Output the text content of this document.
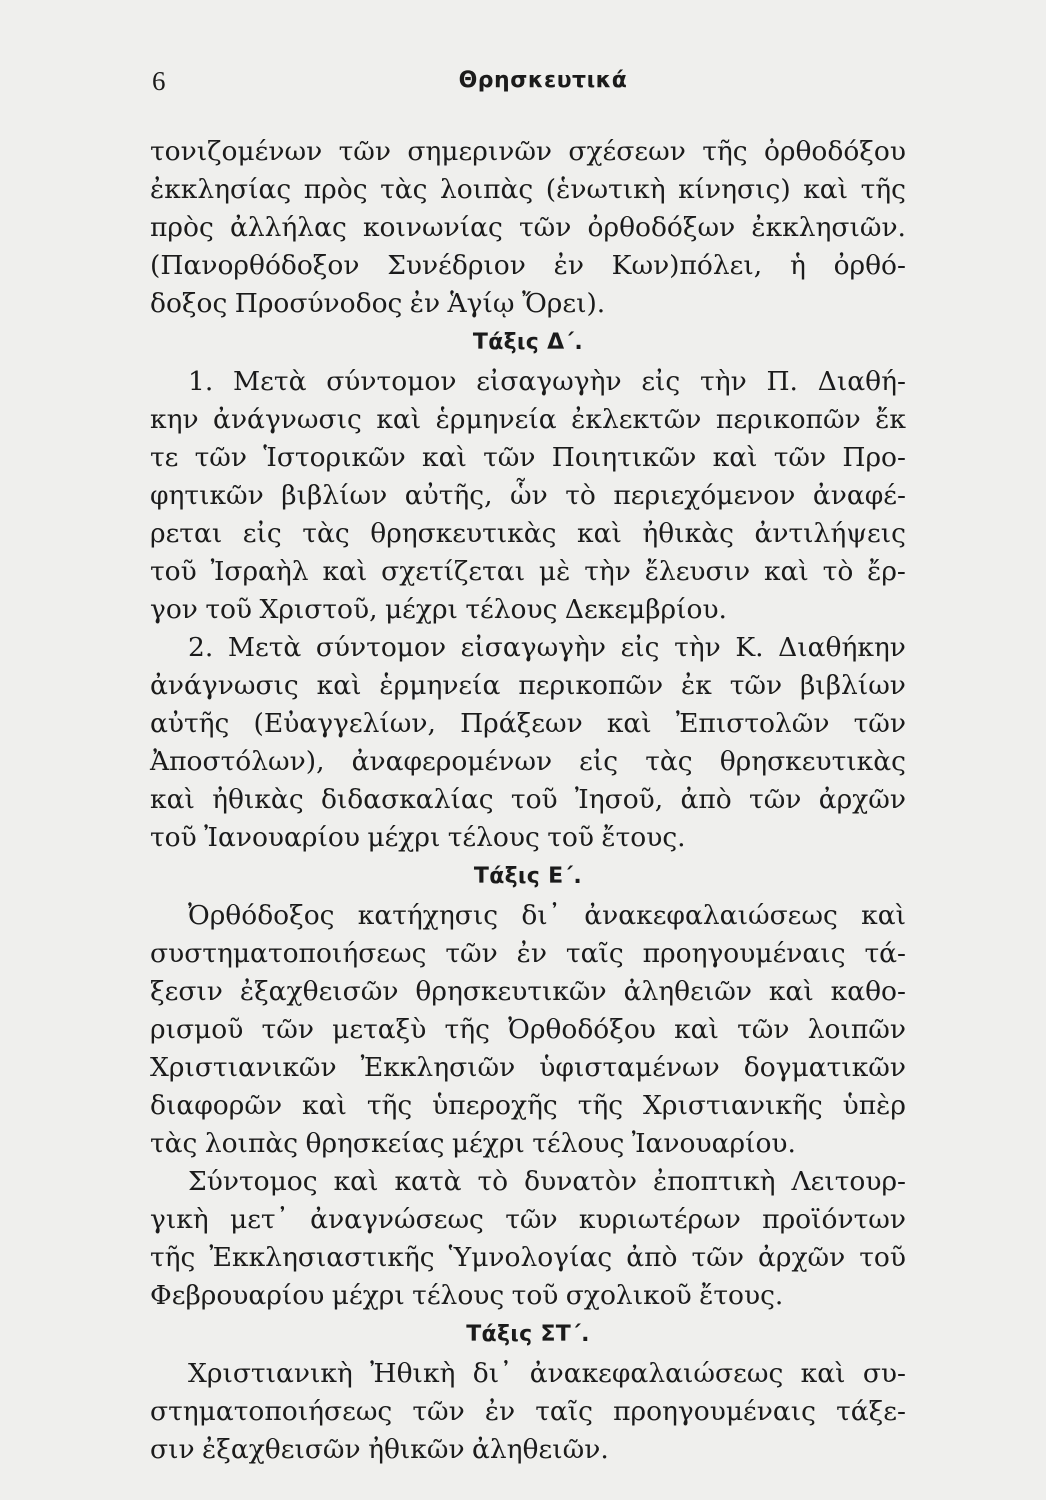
6	Θρησκευτικά
τονιζομένων τῶν σημερινῶν σχέσεων τῆς ὀρθοδόξου
ἐκκλησίας πρὸς τὰς λοιπὰς (ἑνωτικὴ κίνησις) καὶ τῆς
πρὸς ἀλλήλας κοινωνίας τῶν ὀρθοδόξων ἐκκλησιῶν.
(Πανορθόδοξον Συνέδριον ἐν Κων)πόλει, ἡ ὀρθό-
δοξος Προσύνοδος ἐν Ἁγίῳ Ὄρει).
Τάξις Δ΄.
1. Μετὰ σύντομον εἰσαγωγὴν εἰς τὴν Π. Διαθή-
κην ἀνάγνωσις καὶ ἑρμηνεία ἐκλεκτῶν περικοπῶν ἔκ
τε τῶν Ἱστορικῶν καὶ τῶν Ποιητικῶν καὶ τῶν Προ-
φητικῶν βιβλίων αὐτῆς, ὧν τὸ περιεχόμενον ἀναφέ-
ρεται εἰς τὰς θρησκευτικὰς καὶ ἠθικὰς ἀντιλήψεις
τοῦ Ἰσραὴλ καὶ σχετίζεται μὲ τὴν ἔλευσιν καὶ τὸ ἔρ-
γον τοῦ Χριστοῦ, μέχρι τέλους Δεκεμβρίου.
2. Μετὰ σύντομον εἰσαγωγὴν εἰς τὴν Κ. Διαθήκην
ἀνάγνωσις καὶ ἑρμηνεία περικοπῶν ἐκ τῶν βιβλίων
αὐτῆς (Εὐαγγελίων, Πράξεων καὶ Ἐπιστολῶν τῶν
Ἀποστόλων), ἀναφερομένων εἰς τὰς θρησκευτικὰς
καὶ ἠθικὰς διδασκαλίας τοῦ Ἰησοῦ, ἀπὸ τῶν ἀρχῶν
τοῦ Ἰανουαρίου μέχρι τέλους τοῦ ἔτους.
Τάξις Ε΄.
Ὀρθόδοξος κατήχησις δι᾽ ἀνακεφαλαιώσεως καὶ
συστηματοποιήσεως τῶν ἐν ταῖς προηγουμέναις τά-
ξεσιν ἐξαχθεισῶν θρησκευτικῶν ἀληθειῶν καὶ καθο-
ρισμοῦ τῶν μεταξὺ τῆς Ὀρθοδόξου καὶ τῶν λοιπῶν
Χριστιανικῶν Ἐκκλησιῶν ὑφισταμένων δογματικῶν
διαφορῶν καὶ τῆς ὑπεροχῆς τῆς Χριστιανικῆς ὑπὲρ
τὰς λοιπὰς θρησκείας μέχρι τέλους Ἰανουαρίου.
Σύντομος καὶ κατὰ τὸ δυνατὸν ἐποπτικὴ Λειτουρ-
γικὴ μετ᾽ ἀναγνώσεως τῶν κυριωτέρων προϊόντων
τῆς Ἐκκλησιαστικῆς Ὑμνολογίας ἀπὸ τῶν ἀρχῶν τοῦ
Φεβρουαρίου μέχρι τέλους τοῦ σχολικοῦ ἔτους.
Τάξις ΣΤ΄.
Χριστιανικὴ Ἠθικὴ δι᾽ ἀνακεφαλαιώσεως καὶ συ-
στηματοποιήσεως τῶν ἐν ταῖς προηγουμέναις τάξε-
σιν ἐξαχθεισῶν ἠθικῶν ἀληθειῶν.
